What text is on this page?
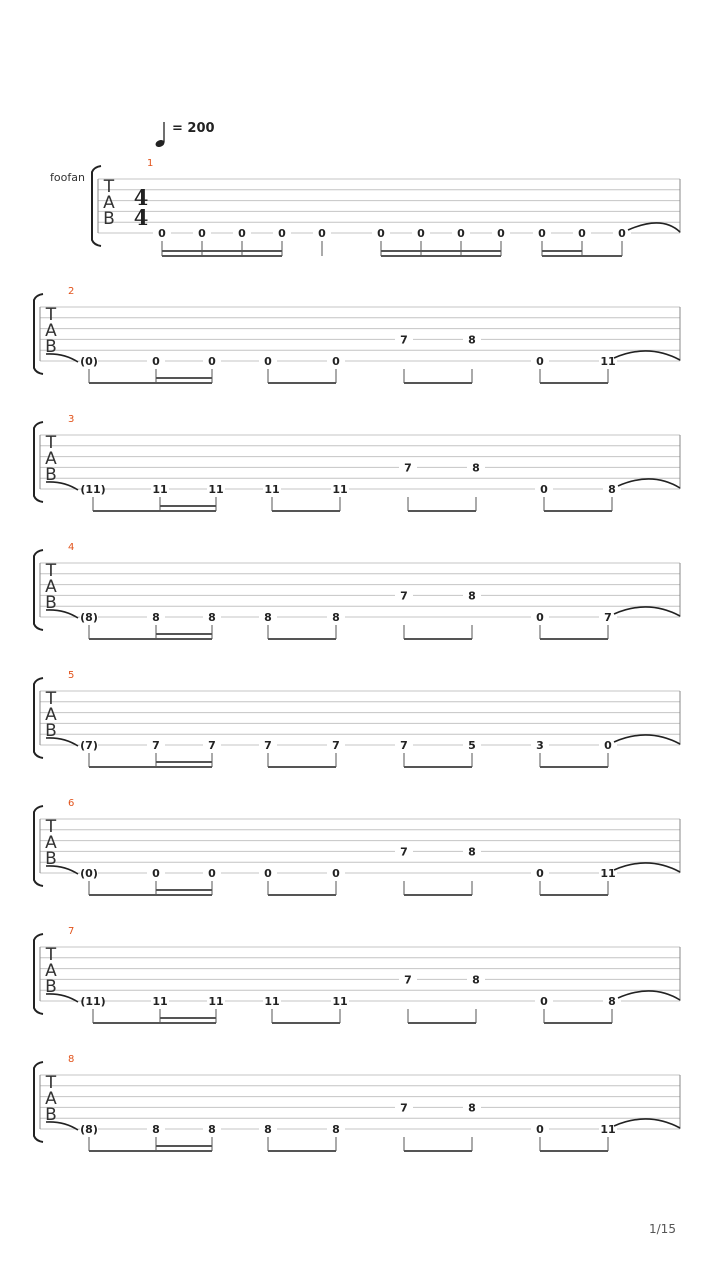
T
A
B
4
4
1
0	0	0	0	0	0	0	0	0	0	0	0
T
A
B
2
(0)	0	0	0	0
7	8
0	11
T
A
B
3
(11)	11	11	11	11
7	8
0	8
T
A
B
4
(8)	8	8	8	8
7	8
0	7
T
A
B
5
(7)	7	7	7	7	7	5	3	0
T
A
B
6
(0)	0	0	0	0
7	8
0	11
T
A
B
7
(11)	11	11	11	11
7	8
0	8
T
A
B
8
(8)	8	8	8	8
7	8
0	11
= 200
foofan
1/15
